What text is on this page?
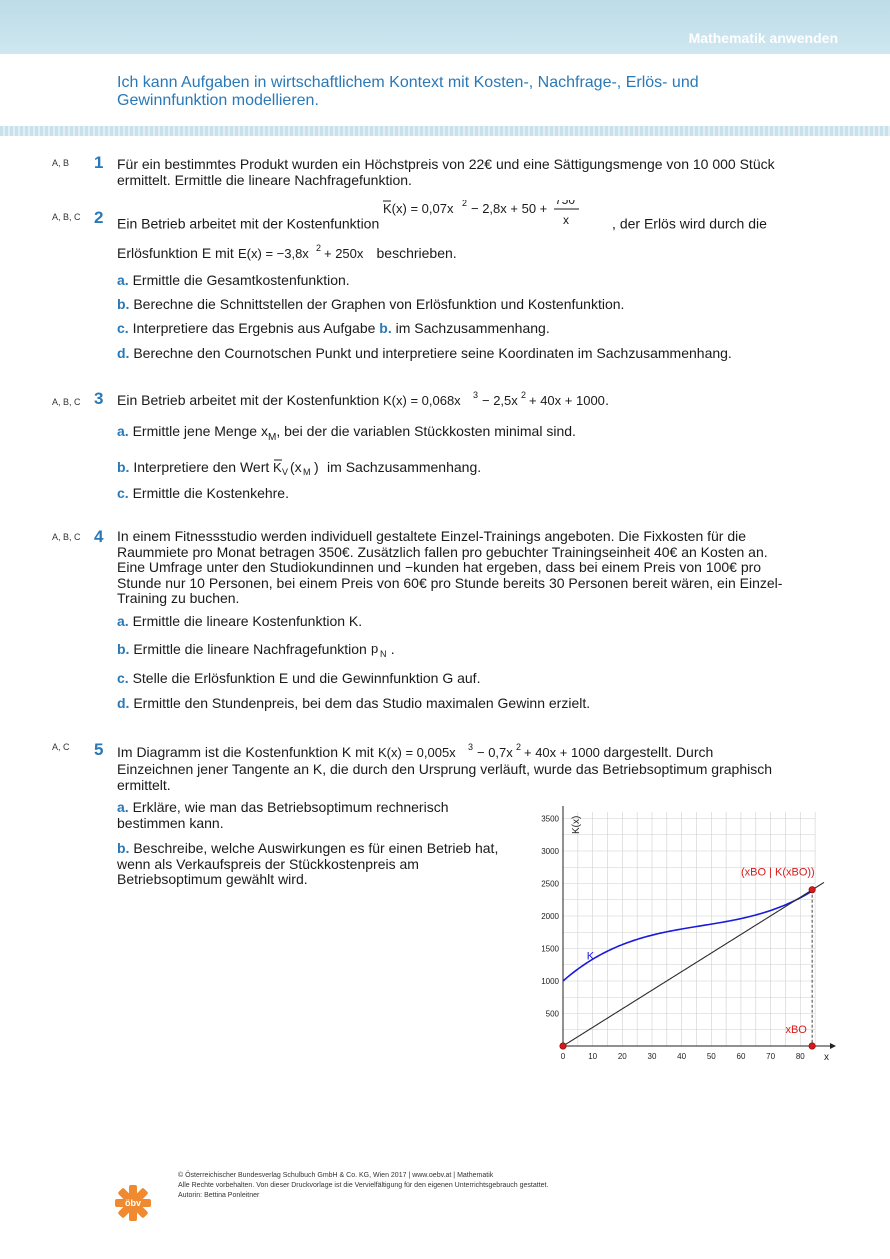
Mathematik anwenden
Ich kann Aufgaben in wirtschaftlichem Kontext mit Kosten-, Nachfrage-, Erlös- und Gewinnfunktion modellieren.
A, B 1 Für ein bestimmtes Produkt wurden ein Höchstpreis von 22€ und eine Sättigungsmenge von 10 000 Stück ermittelt. Ermittle die lineare Nachfragefunktion.
A, B, C 2 Ein Betrieb arbeitet mit der Kostenfunktion
K(x) = 0,07x 2 − 2,8x + 50 +
750
x	, der Erlös wird durch die
Erlösfunktion E mit E(x) = −3,8x 2 + 250x beschrieben.
a. Ermittle die Gesamtkostenfunktion.
b. Berechne die Schnittstellen der Graphen von Erlösfunktion und Kostenfunktion.
c. Interpretiere das Ergebnis aus Aufgabe b. im Sachzusammenhang.
d. Berechne den Cournotschen Punkt und interpretiere seine Koordinaten im Sachzusammenhang.
A, B, C 3 Ein Betrieb arbeitet mit der Kostenfunktion K(x) = 0,068x 3 − 2,5x 2 + 40x + 1000 .
a. Ermittle jene Menge $x_M$, bei der die variablen Stückkosten minimal sind.
b. Interpretiere den Wert K V (x M ) im Sachzusammenhang.
c. Ermittle die Kostenkehre.
A, B, C 4 In einem Fitnessstudio werden individuell gestaltete Einzel-Trainings angeboten. Die Fixkosten für die Raummiete pro Monat betragen 350€. Zusätzlich fallen pro gebuchter Trainingseinheit 40€ an Kosten an. Eine Umfrage unter den Studiokundinnen und −kunden hat ergeben, dass bei einem Preis von 100€ pro Stunde nur 10 Personen, bei einem Preis von 60€ pro Stunde bereits 30 Personen bereit wären, ein Einzel-Training zu buchen.
a. Ermittle die lineare Kostenfunktion K.
b. Ermittle die lineare Nachfragefunktion p N .
c. Stelle die Erlösfunktion E und die Gewinnfunktion G auf.
d. Ermittle den Stundenpreis, bei dem das Studio maximalen Gewinn erzielt.
A, C 5 Im Diagramm ist die Kostenfunktion K mit K(x) = 0,005x 3 − 0,7x 2 + 40x + 1000 dargestellt. Durch
Einzeichnen jener Tangente an K, die durch den Ursprung verläuft, wurde das Betriebsoptimum graphisch ermittelt.
a. Erkläre, wie man das Betriebsoptimum rechnerisch bestimmen kann.
b. Beschreibe, welche Auswirkungen es für einen Betrieb hat, wenn als Verkaufspreis der Stückkostenpreis am Betriebsoptimum gewählt wird.
0	10	20	30	40	50	60	70	80
500
1000
1500
2000
2500
3000
3500
x
K(x)
K
(xBO | K(xBO))
xBO
öbv
© Österreichischer Bundesverlag Schulbuch GmbH & Co. KG, Wien 2017 | www.oebv.at | Mathematik
Alle Rechte vorbehalten. Von dieser Druckvorlage ist die Vervielfältigung für den eigenen Unterrichtsgebrauch gestattet.
Autorin: Bettina Ponleitner
